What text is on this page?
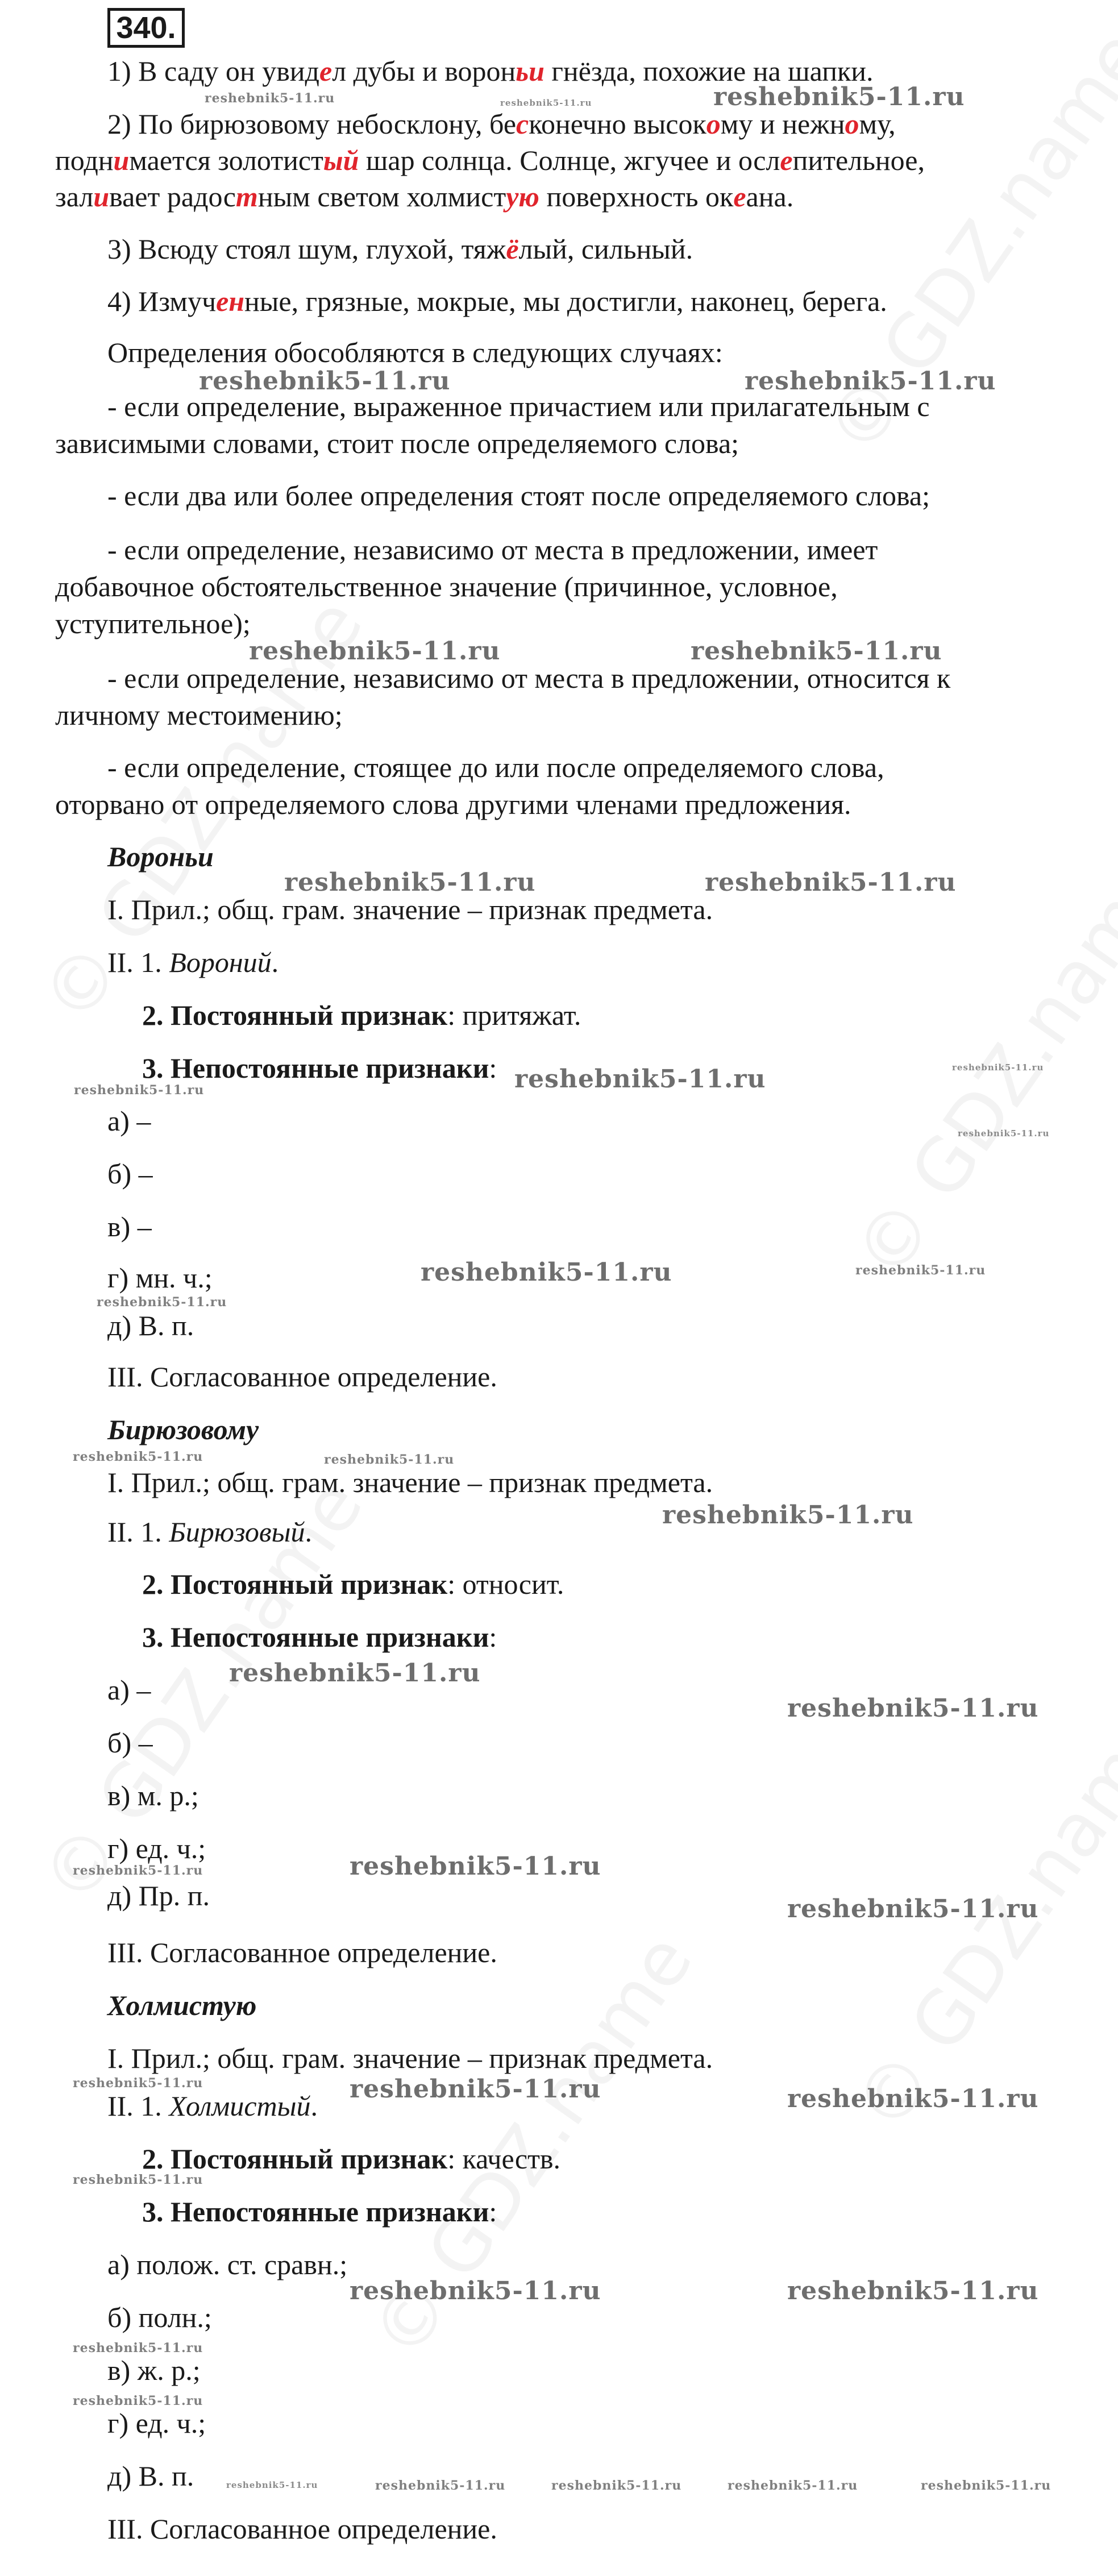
340.
1) В саду он увидел дубы и вороньи гнёзда, похожие на шапки.
2) По бирюзовому небосклону, бесконечно высокому и нежному,
поднимается золотистый шар солнца. Солнце, жгучее и ослепительное,
заливает радостным светом холмистую поверхность океана.
3) Всюду стоял шум, глухой, тяжёлый, сильный.
4) Измученные, грязные, мокрые, мы достигли, наконец, берега.
Определения обособляются в следующих случаях:
- если определение, выраженное причастием или прилагательным с
зависимыми словами, стоит после определяемого слова;
- если два или более определения стоят после определяемого слова;
- если определение, независимо от места в предложении, имеет
добавочное обстоятельственное значение (причинное, условное,
уступительное);
- если определение, независимо от места в предложении, относится к
личному местоимению;
- если определение, стоящее до или после определяемого слова,
оторвано от определяемого слова другими членами предложения.
Вороньи
I. Прил.; общ. грам. значение – признак предмета.
II. 1. Вороний.
2. Постоянный признак: притяжат.
3. Непостоянные признаки:
а) –
б) –
в) –
г) мн. ч.;
д) В. п.
III. Согласованное определение.
Бирюзовому
I. Прил.; общ. грам. значение – признак предмета.
II. 1. Бирюзовый.
2. Постоянный признак: относит.
3. Непостоянные признаки:
а) –
б) –
в) м. р.;
г) ед. ч.;
д) Пр. п.
III. Согласованное определение.
Холмистую
I. Прил.; общ. грам. значение – признак предмета.
II. 1. Холмистый.
2. Постоянный признак: качеств.
3. Непостоянные признаки:
а) полож. ст. сравн.;
б) полн.;
в) ж. р.;
г) ед. ч.;
д) В. п.
III. Согласованное определение.
reshebnik5-11.ru	reshebnik5-11.ru	reshebnik5-11.ru
reshebnik5-11.ru	reshebnik5-11.ru
reshebnik5-11.ru	reshebnik5-11.ru
reshebnik5-11.ru	reshebnik5-11.ru
reshebnik5-11.ru
reshebnik5-11.ru
reshebnik5-11.ru
reshebnik5-11.ru
reshebnik5-11.ru	reshebnik5-11.ru
reshebnik5-11.ru
reshebnik5-11.ru	reshebnik5-11.ru
reshebnik5-11.ru
reshebnik5-11.ru
reshebnik5-11.ru
reshebnik5-11.ru
reshebnik5-11.ru
reshebnik5-11.ru
reshebnik5-11.ru	reshebnik5-11.ru	reshebnik5-11.ru
reshebnik5-11.ru
reshebnik5-11.ru	reshebnik5-11.ru
reshebnik5-11.ru
reshebnik5-11.ru
reshebnik5-11.ru	reshebnik5-11.ru	reshebnik5-11.ru	reshebnik5-11.ru	reshebnik5-11.ru
